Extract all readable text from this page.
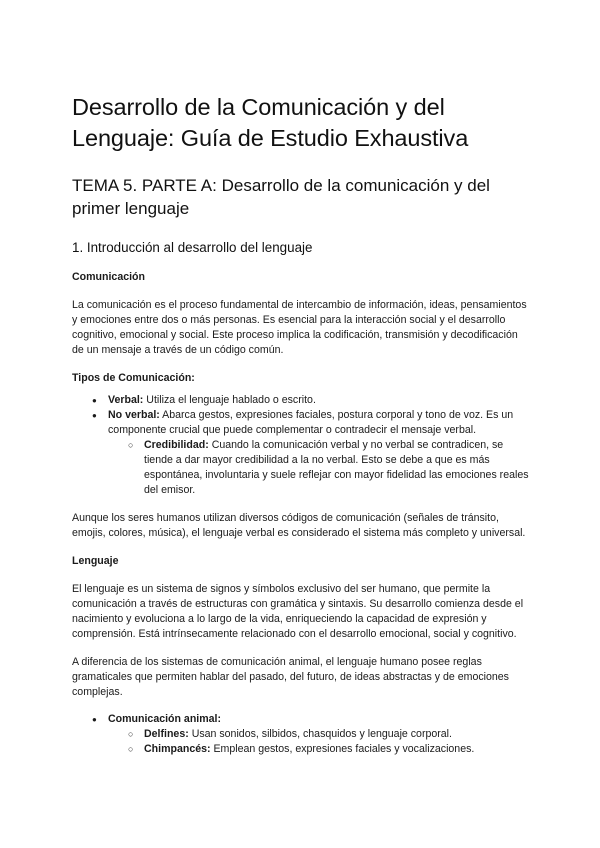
Desarrollo de la Comunicación y del Lenguaje: Guía de Estudio Exhaustiva
TEMA 5. PARTE A: Desarrollo de la comunicación y del primer lenguaje
1. Introducción al desarrollo del lenguaje
Comunicación

La comunicación es el proceso fundamental de intercambio de información, ideas, pensamientos y emociones entre dos o más personas. Es esencial para la interacción social y el desarrollo cognitivo, emocional y social. Este proceso implica la codificación, transmisión y decodificación de un mensaje a través de un código común.

Tipos de Comunicación:
● Verbal: Utiliza el lenguaje hablado o escrito.
● No verbal: Abarca gestos, expresiones faciales, postura corporal y tono de voz. Es un componente crucial que puede complementar o contradecir el mensaje verbal.
○ Credibilidad: Cuando la comunicación verbal y no verbal se contradicen, se tiende a dar mayor credibilidad a la no verbal. Esto se debe a que es más espontánea, involuntaria y suele reflejar con mayor fidelidad las emociones reales del emisor.

Aunque los seres humanos utilizan diversos códigos de comunicación (señales de tránsito, emojis, colores, música), el lenguaje verbal es considerado el sistema más completo y universal.

Lenguaje

El lenguaje es un sistema de signos y símbolos exclusivo del ser humano, que permite la comunicación a través de estructuras con gramática y sintaxis. Su desarrollo comienza desde el nacimiento y evoluciona a lo largo de la vida, enriqueciendo la capacidad de expresión y comprensión. Está intrínsecamente relacionado con el desarrollo emocional, social y cognitivo.

A diferencia de los sistemas de comunicación animal, el lenguaje humano posee reglas gramaticales que permiten hablar del pasado, del futuro, de ideas abstractas y de emociones complejas.

● Comunicación animal:
○ Delfines: Usan sonidos, silbidos, chasquidos y lenguaje corporal.
○ Chimpancés: Emplean gestos, expresiones faciales y vocalizaciones.
